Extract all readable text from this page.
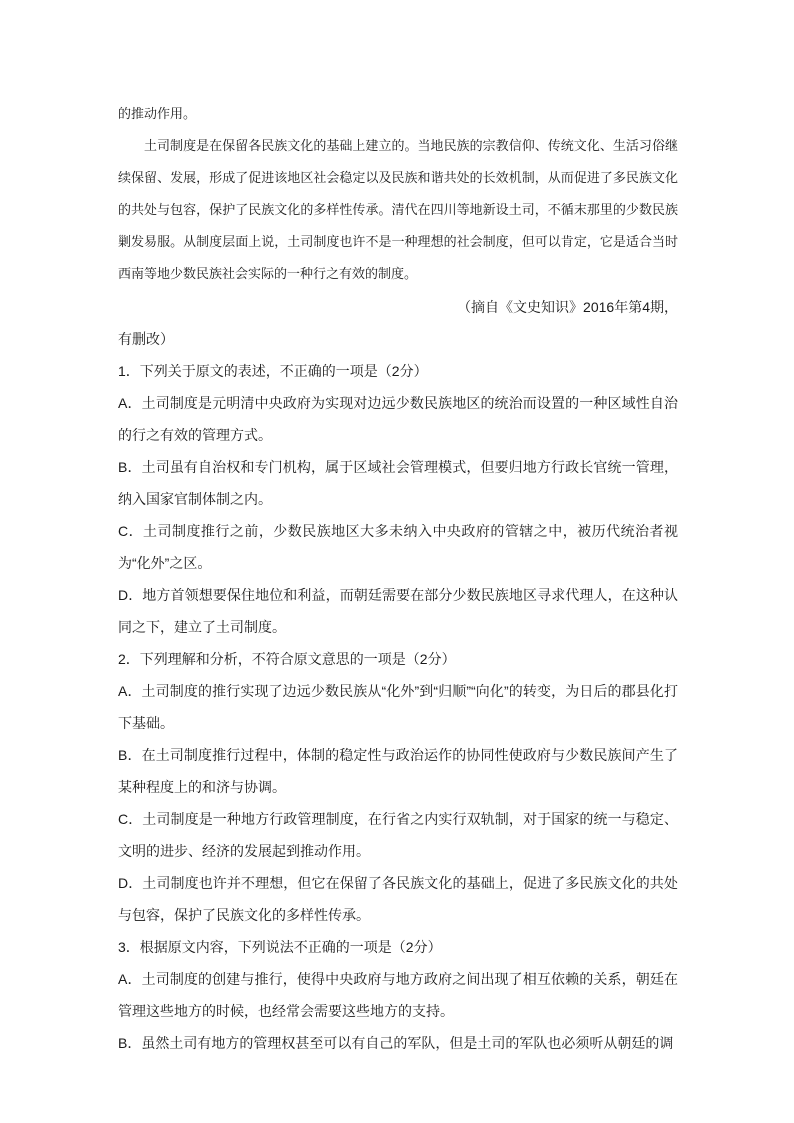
的推动作用。

土司制度是在保留各民族文化的基础上建立的。当地民族的宗教信仰、传统文化、生活习俗继续保留、发展，形成了促进该地区社会稳定以及民族和谐共处的长效机制，从而促进了多民族文化的共处与包容，保护了民族文化的多样性传承。清代在四川等地新设土司，不循末那里的少数民族剿发易服。从制度层面上说，土司制度也许不是一种理想的社会制度，但可以肯定，它是适合当时西南等地少数民族社会实际的一种行之有效的制度。

（摘自《文史知识》2016年第4期，
有删改）

1．下列关于原文的表述，不正确的一项是（2分）

A．土司制度是元明清中央政府为实现对边远少数民族地区的统治而设置的一种区域性自治的行之有效的管理方式。

B．土司虽有自治权和专门机构，属于区域社会管理模式，但要归地方行政长官统一管理，纳入国家官制体制之内。

C．土司制度推行之前，少数民族地区大多未纳入中央政府的管辖之中，被历代统治者视为“化外”之区。

D．地方首领想要保住地位和利益，而朝廷需要在部分少数民族地区寻求代理人，在这种认同之下，建立了土司制度。

2．下列理解和分析，不符合原文意思的一项是（2分）

A．土司制度的推行实现了边远少数民族从“化外”到“归顺”“向化”的转变，为日后的郡县化打下基础。

B．在土司制度推行过程中，体制的稳定性与政治运作的协同性使政府与少数民族间产生了某种程度上的和济与协调。

C．土司制度是一种地方行政管理制度，在行省之内实行双轨制，对于国家的统一与稳定、文明的进步、经济的发展起到推动作用。

D．土司制度也许并不理想，但它在保留了各民族文化的基础上，促进了多民族文化的共处与包容，保护了民族文化的多样性传承。

3．根据原文内容，下列说法不正确的一项是（2分）

A．土司制度的创建与推行，使得中央政府与地方政府之间出现了相互依赖的关系，朝廷在管理这些地方的时候，也经常会需要这些地方的支持。

B．虽然土司有地方的管理权甚至可以有自己的军队，但是土司的军队也必须听从朝廷的调
